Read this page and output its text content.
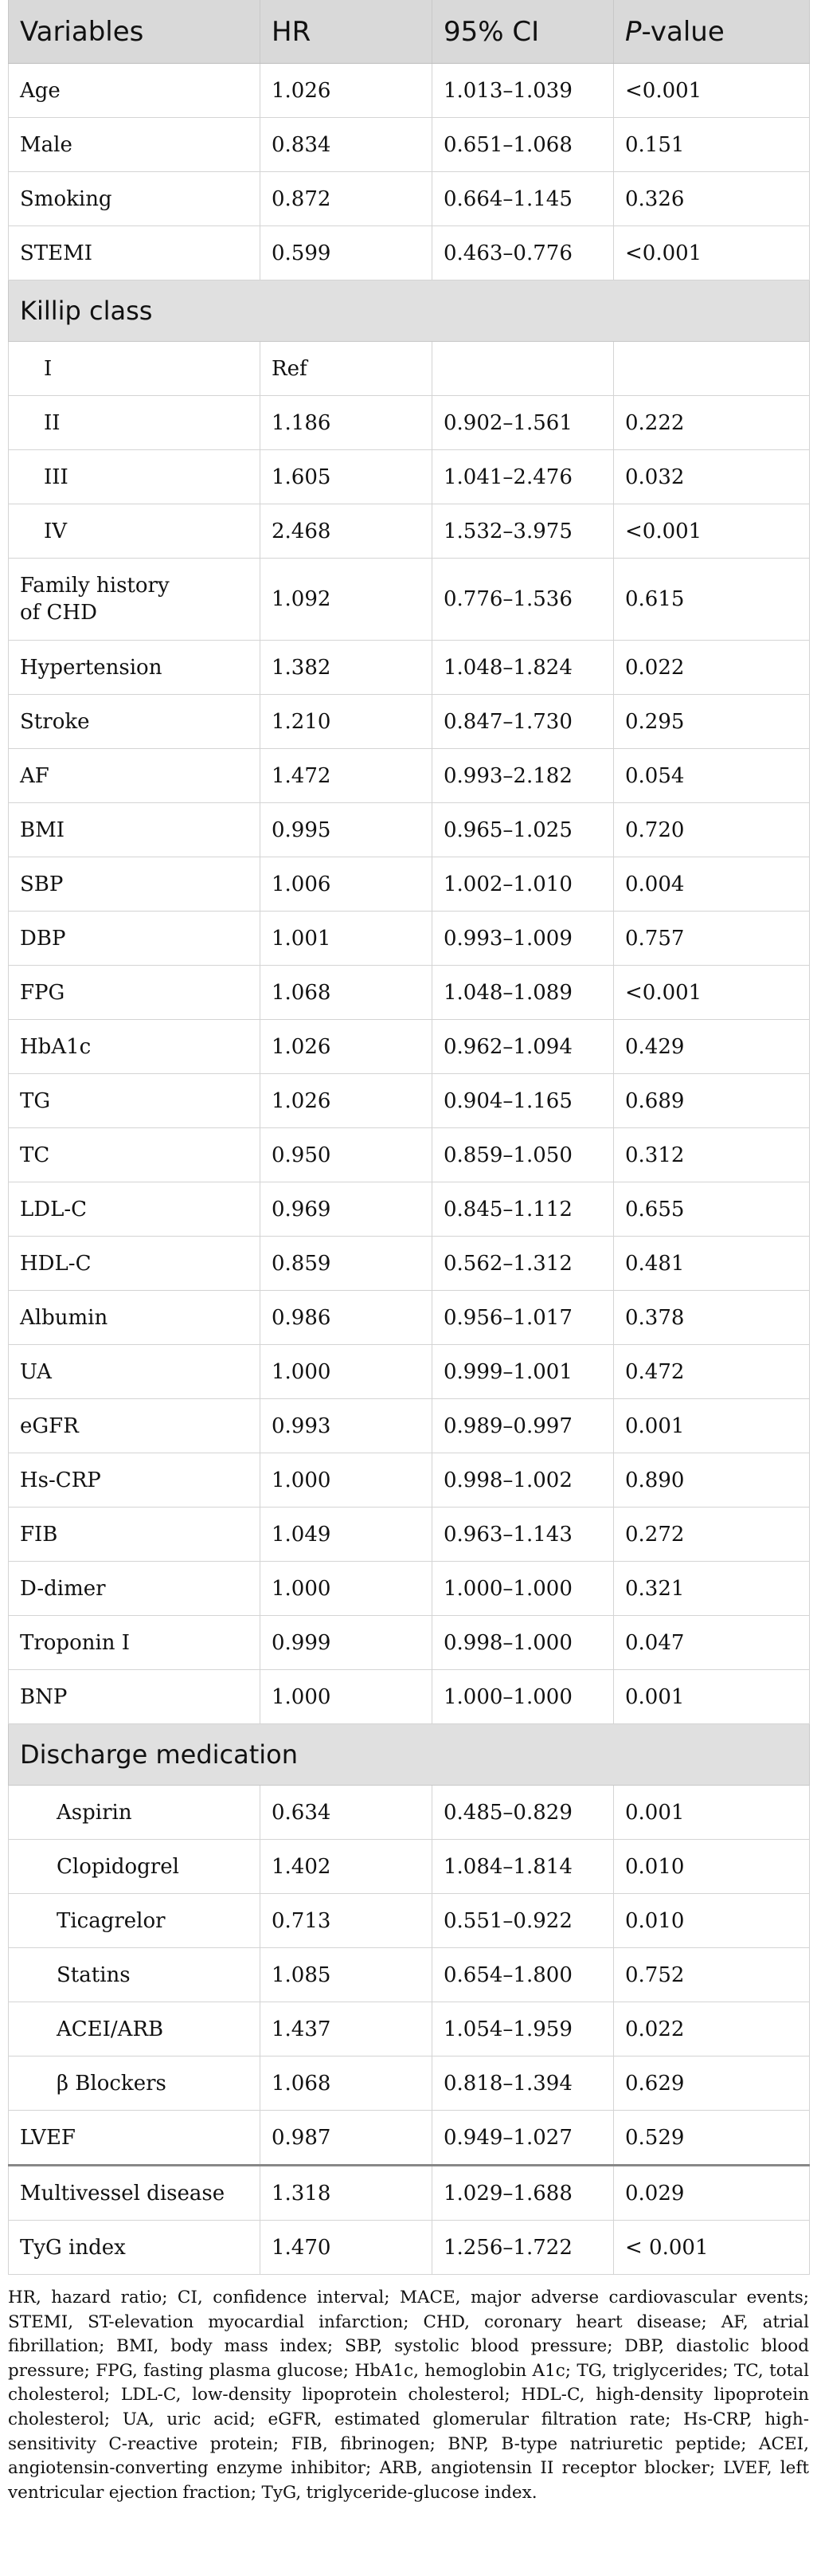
Variables	HR	95% CI	P-value
Age	1.026	1.013–1.039	<0.001
Male	0.834	0.651–1.068	0.151
Smoking	0.872	0.664–1.145	0.326
STEMI	0.599	0.463–0.776	<0.001
Killip class			
I	Ref		
II	1.186	0.902–1.561	0.222
III	1.605	1.041–2.476	0.032
IV	2.468	1.532–3.975	<0.001
Family history
of CHD	1.092	0.776–1.536	0.615
Hypertension	1.382	1.048–1.824	0.022
Stroke	1.210	0.847–1.730	0.295
AF	1.472	0.993–2.182	0.054
BMI	0.995	0.965–1.025	0.720
SBP	1.006	1.002–1.010	0.004
DBP	1.001	0.993–1.009	0.757
FPG	1.068	1.048–1.089	<0.001
HbA1c	1.026	0.962–1.094	0.429
TG	1.026	0.904–1.165	0.689
TC	0.950	0.859–1.050	0.312
LDL-C	0.969	0.845–1.112	0.655
HDL-C	0.859	0.562–1.312	0.481
Albumin	0.986	0.956–1.017	0.378
UA	1.000	0.999–1.001	0.472
eGFR	0.993	0.989–0.997	0.001
Hs-CRP	1.000	0.998–1.002	0.890
FIB	1.049	0.963–1.143	0.272
D-dimer	1.000	1.000–1.000	0.321
Troponin I	0.999	0.998–1.000	0.047
BNP	1.000	1.000–1.000	0.001
Discharge medication			
Aspirin	0.634	0.485–0.829	0.001
Clopidogrel	1.402	1.084–1.814	0.010
Ticagrelor	0.713	0.551–0.922	0.010
Statins	1.085	0.654–1.800	0.752
ACEI/ARB	1.437	1.054–1.959	0.022
β Blockers	1.068	0.818–1.394	0.629
LVEF	0.987	0.949–1.027	0.529
Multivessel disease	1.318	1.029–1.688	0.029
TyG index	1.470	1.256–1.722	< 0.001

HR, hazard ratio; CI, confidence interval; MACE, major adverse cardiovascular events; STEMI, ST-elevation myocardial infarction; CHD, coronary heart disease; AF, atrial fibrillation; BMI, body mass index; SBP, systolic blood pressure; DBP, diastolic blood pressure; FPG, fasting plasma glucose; HbA1c, hemoglobin A1c; TG, triglycerides; TC, total cholesterol; LDL-C, low-density lipoprotein cholesterol; HDL-C, high-density lipoprotein cholesterol; UA, uric acid; eGFR, estimated glomerular filtration rate; Hs-CRP, high-sensitivity C-reactive protein; FIB, fibrinogen; BNP, B-type natriuretic peptide; ACEI, angiotensin-converting enzyme inhibitor; ARB, angiotensin II receptor blocker; LVEF, left ventricular ejection fraction; TyG, triglyceride-glucose index.
